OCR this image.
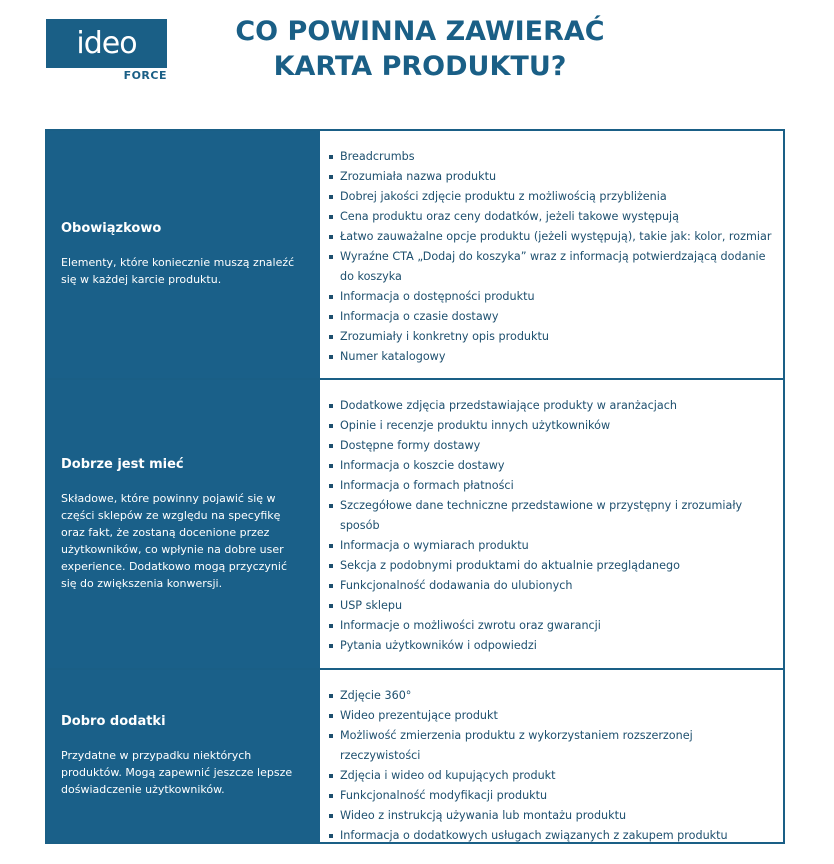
ideo
FORCE
CO POWINNA ZAWIERAĆ
KARTA PRODUKTU?
Obowiązkowo

Elementy, które koniecznie muszą znaleźć się w każdej karcie produktu.

Breadcrumbs
Zrozumiała nazwa produktu
Dobrej jakości zdjęcie produktu z możliwością przybliżenia
Cena produktu oraz ceny dodatków, jeżeli takowe występują
Łatwo zauważalne opcje produktu (jeżeli występują), takie jak: kolor, rozmiar
Wyraźne CTA „Dodaj do koszyka” wraz z informacją potwierdzającą dodanie do koszyka
Informacja o dostępności produktu
Informacja o czasie dostawy
Zrozumiały i konkretny opis produktu
Numer katalogowy
Dobrze jest mieć

Składowe, które powinny pojawić się w części sklepów ze względu na specyfikę oraz fakt, że zostaną docenione przez użytkowników, co wpłynie na dobre user experience. Dodatkowo mogą przyczynić się do zwiększenia konwersji.

Dodatkowe zdjęcia przedstawiające produkty w aranżacjach
Opinie i recenzje produktu innych użytkowników
Dostępne formy dostawy
Informacja o koszcie dostawy
Informacja o formach płatności
Szczegółowe dane techniczne przedstawione w przystępny i zrozumiały sposób
Informacja o wymiarach produktu
Sekcja z podobnymi produktami do aktualnie przeglądanego
Funkcjonalność dodawania do ulubionych
USP sklepu
Informacje o możliwości zwrotu oraz gwarancji
Pytania użytkowników i odpowiedzi
Dobro dodatki

Przydatne w przypadku niektórych produktów. Mogą zapewnić jeszcze lepsze doświadczenie użytkowników.

Zdjęcie 360°
Wideo prezentujące produkt
Możliwość zmierzenia produktu z wykorzystaniem rozszerzonej rzeczywistości
Zdjęcia i wideo od kupujących produkt
Funkcjonalność modyfikacji produktu
Wideo z instrukcją używania lub montażu produktu
Informacja o dodatkowych usługach związanych z zakupem produktu
